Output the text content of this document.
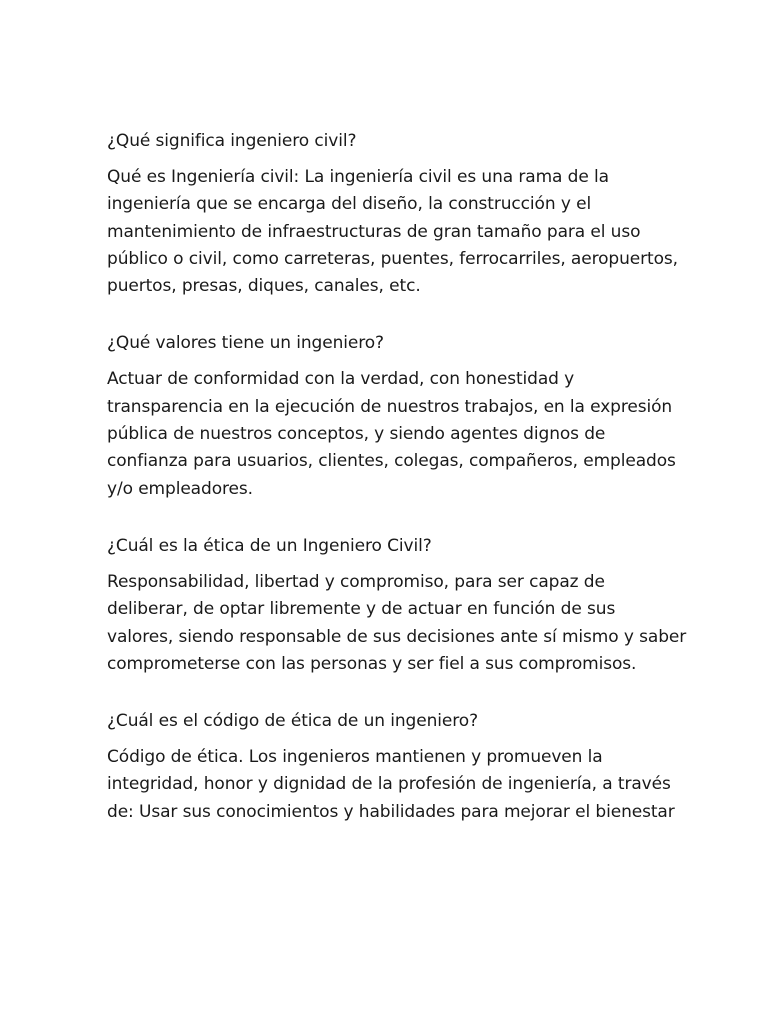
¿Qué significa ingeniero civil?

Qué es Ingeniería civil: La ingeniería civil es una rama de la
ingeniería que se encarga del diseño, la construcción y el
mantenimiento de infraestructuras de gran tamaño para el uso
público o civil, como carreteras, puentes, ferrocarriles, aeropuertos,
puertos, presas, diques, canales, etc.

¿Qué valores tiene un ingeniero?

Actuar de conformidad con la verdad, con honestidad y
transparencia en la ejecución de nuestros trabajos, en la expresión
pública de nuestros conceptos, y siendo agentes dignos de
confianza para usuarios, clientes, colegas, compañeros, empleados
y/o empleadores.

¿Cuál es la ética de un Ingeniero Civil?

Responsabilidad, libertad y compromiso, para ser capaz de
deliberar, de optar libremente y de actuar en función de sus
valores, siendo responsable de sus decisiones ante sí mismo y saber
comprometerse con las personas y ser fiel a sus compromisos.

¿Cuál es el código de ética de un ingeniero?

Código de ética. Los ingenieros mantienen y promueven la
integridad, honor y dignidad de la profesión de ingeniería, a través
de: Usar sus conocimientos y habilidades para mejorar el bienestar
